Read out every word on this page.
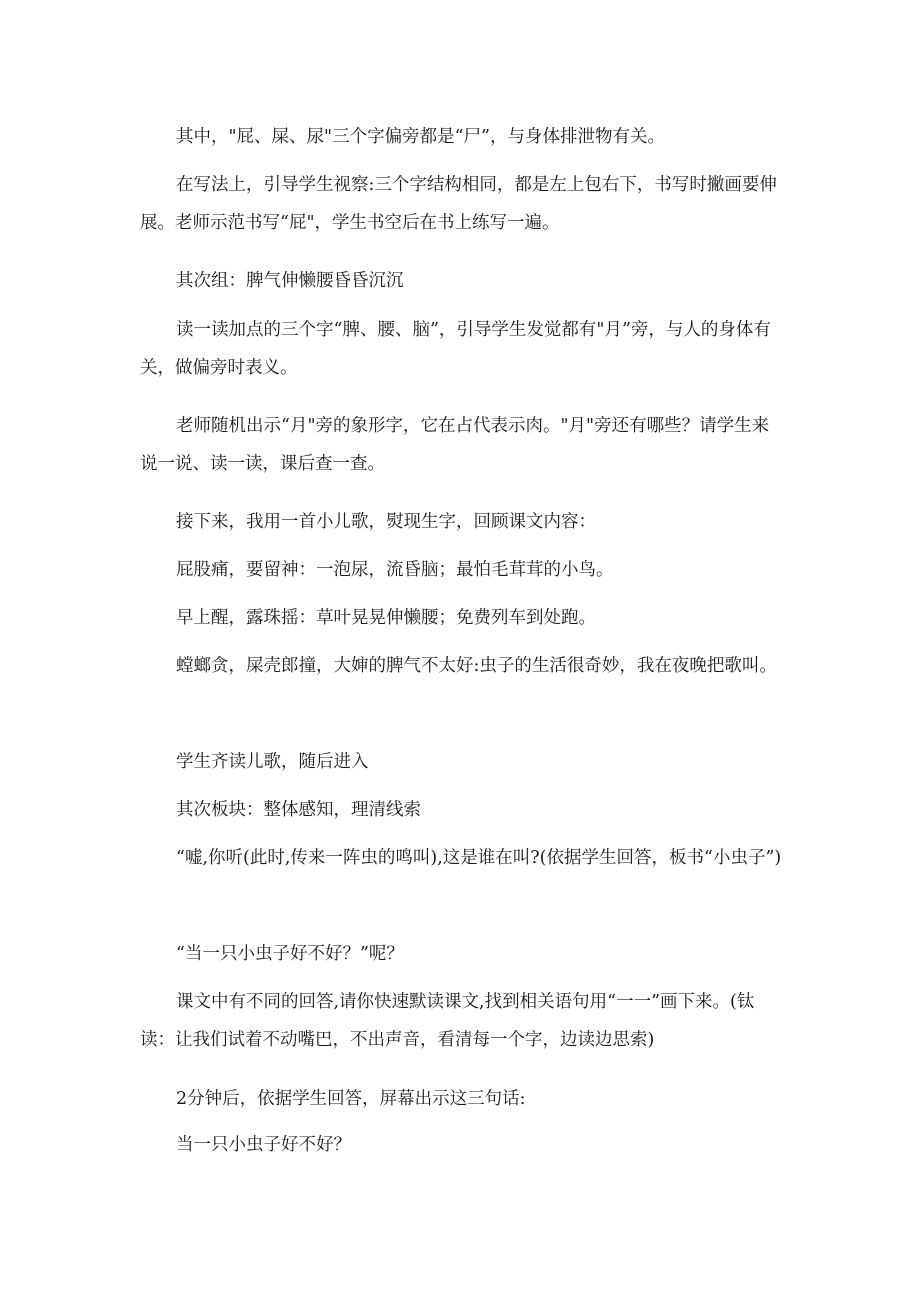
其中，"屁、屎、尿"三个字偏旁都是“尸”，与身体排泄物有关。

在写法上，引导学生视察:三个字结构相同，都是左上包右下，书写时撇画要伸展。老师示范书写“屁"，学生书空后在书上练写一遍。

其次组：脾气伸懒腰昏昏沉沉

读一读加点的三个字“脾、腰、脑”，引导学生发觉都有"月”旁，与人的身体有关，做偏旁时表义。

老师随机出示“月"旁的象形字，它在占代表示肉。"月"旁还有哪些？请学生来说一说、读一读，课后查一查。

接下来，我用一首小儿歌，熨现生字，回顾课文内容：

屁股痛，要留神：一泡尿，流昏脑；最怕毛茸茸的小鸟。

早上醒，露珠摇：草叶晃晃伸懒腰；免费列车到处跑。

螳螂贪，屎壳郎撞，大婶的脾气不太好:虫子的生活很奇妙，我在夜晚把歌叫。

学生齐读儿歌，随后进入

其次板块：整体感知，理清线索

“嘘,你听(此时,传来一阵虫的鸣叫),这是谁在叫?(依据学生回答，板书“小虫子”)

“当一只小虫子好不好？”呢？

课文中有不同的回答,请你快速默读课文,找到相关语句用“一一”画下来。(钛读：让我们试着不动嘴巴，不出声音，看清每一个字，边读边思索)

2分钟后，依据学生回答，屏幕出示这三句话:

当一只小虫子好不好？
